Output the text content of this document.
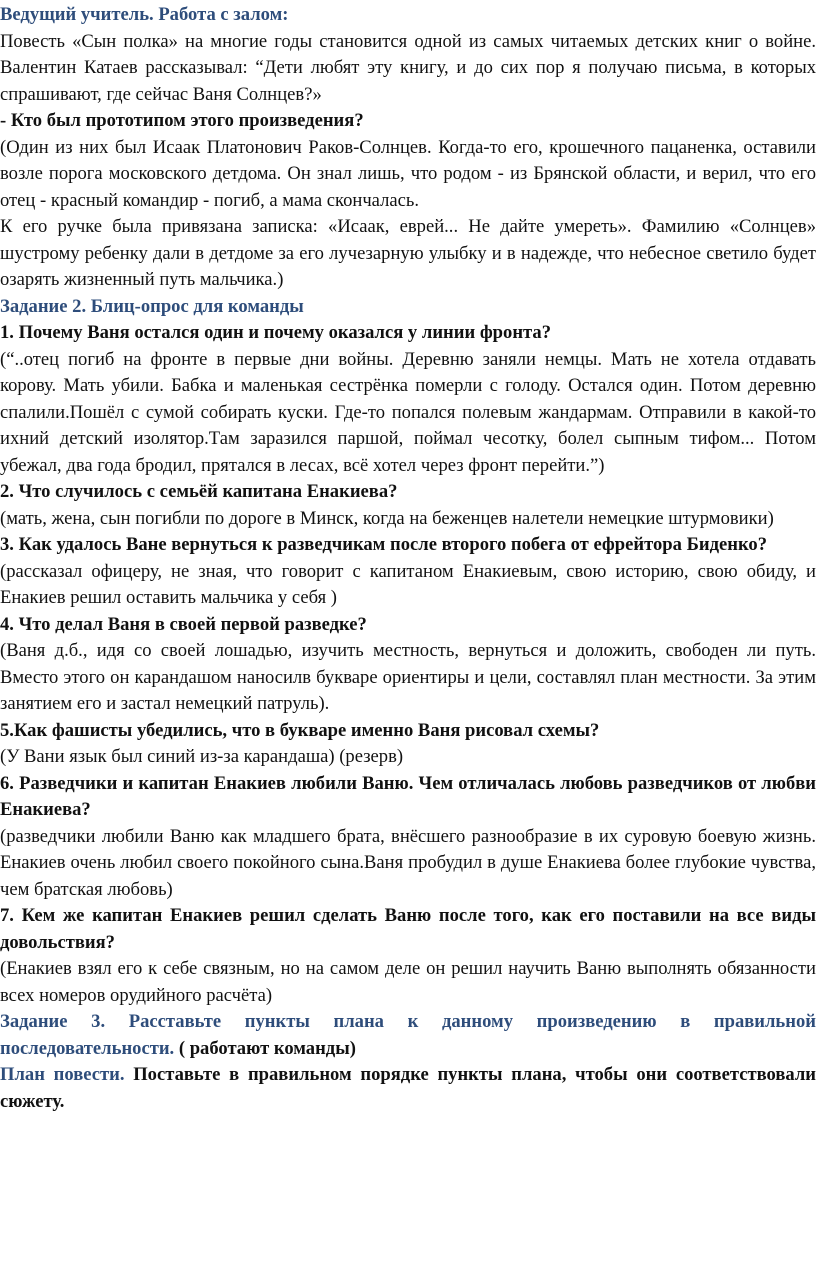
Ведущий учитель. Работа с залом:

Повесть «Сын полка» на многие годы становится одной из самых читаемых детских книг о войне. Валентин Катаев рассказывал: “Дети любят эту книгу, и до сих пор я получаю письма, в которых спрашивают, где сейчас Ваня Солнцев?»

- Кто был прототипом этого произведения?

(Один из них был Исаак Платонович Раков-Солнцев. Когда-то его, крошечного пацаненка, оставили возле порога московского детдома. Он знал лишь, что родом - из Брянской области, и верил, что его отец - красный командир - погиб, а мама скончалась.

К его ручке была привязана записка: «Исаак, еврей... Не дайте умереть». Фамилию «Солнцев» шустрому ребенку дали в детдоме за его лучезарную улыбку и в надежде, что небесное светило будет озарять жизненный путь мальчика.)

Задание 2. Блиц-опрос для команды

1. Почему Ваня остался один и почему оказался у линии фронта?

(“..отец погиб на фронте в первые дни войны. Деревню заняли немцы. Мать не хотела отдавать корову. Мать убили. Бабка и маленькая сестрёнка померли с голоду. Остался один. Потом деревню спалили.Пошёл с сумой собирать куски. Где-то попался полевым жандармам. Отправили в какой-то ихний детский изолятор.Там заразился паршой, поймал чесотку, болел сыпным тифом... Потом убежал, два года бродил, прятался в лесах, всё хотел через фронт перейти.”)

2. Что случилось с семьёй капитана Енакиева?

(мать, жена, сын погибли по дороге в Минск, когда на беженцев налетели немецкие штурмовики)

3. Как удалось Ване вернуться к разведчикам после второго побега от ефрейтора Биденко?

(рассказал офицеру, не зная, что говорит с капитаном Енакиевым, свою историю, свою обиду, и Енакиев решил оставить мальчика у себя )

4. Что делал Ваня в своей первой разведке?

(Ваня д.б., идя со своей лошадью, изучить местность, вернуться и доложить, свободен ли путь. Вместо этого он карандашом наносилв букваре ориентиры и цели, составлял план местности. За этим занятием его и застал немецкий патруль).

5.Как фашисты убедились, что в букваре именно Ваня рисовал схемы?

(У Вани язык был синий из-за карандаша) (резерв)

6. Разведчики и капитан Енакиев любили Ваню. Чем отличалась любовь разведчиков от любви Енакиева?

(разведчики любили Ваню как младшего брата, внёсшего разнообразие в их суровую боевую жизнь. Енакиев очень любил своего покойного сына.Ваня пробудил в душе Енакиева более глубокие чувства, чем братская любовь)

7. Кем же капитан Енакиев решил сделать Ваню после того, как его поставили на все виды довольствия?

(Енакиев взял его к себе связным, но на самом деле он решил научить Ваню выполнять обязанности всех номеров орудийного расчёта)

Задание 3. Расставьте пункты плана к данному произведению в правильной последовательности. ( работают команды)

План повести. Поставьте в правильном порядке пункты плана, чтобы они соответствовали сюжету.
